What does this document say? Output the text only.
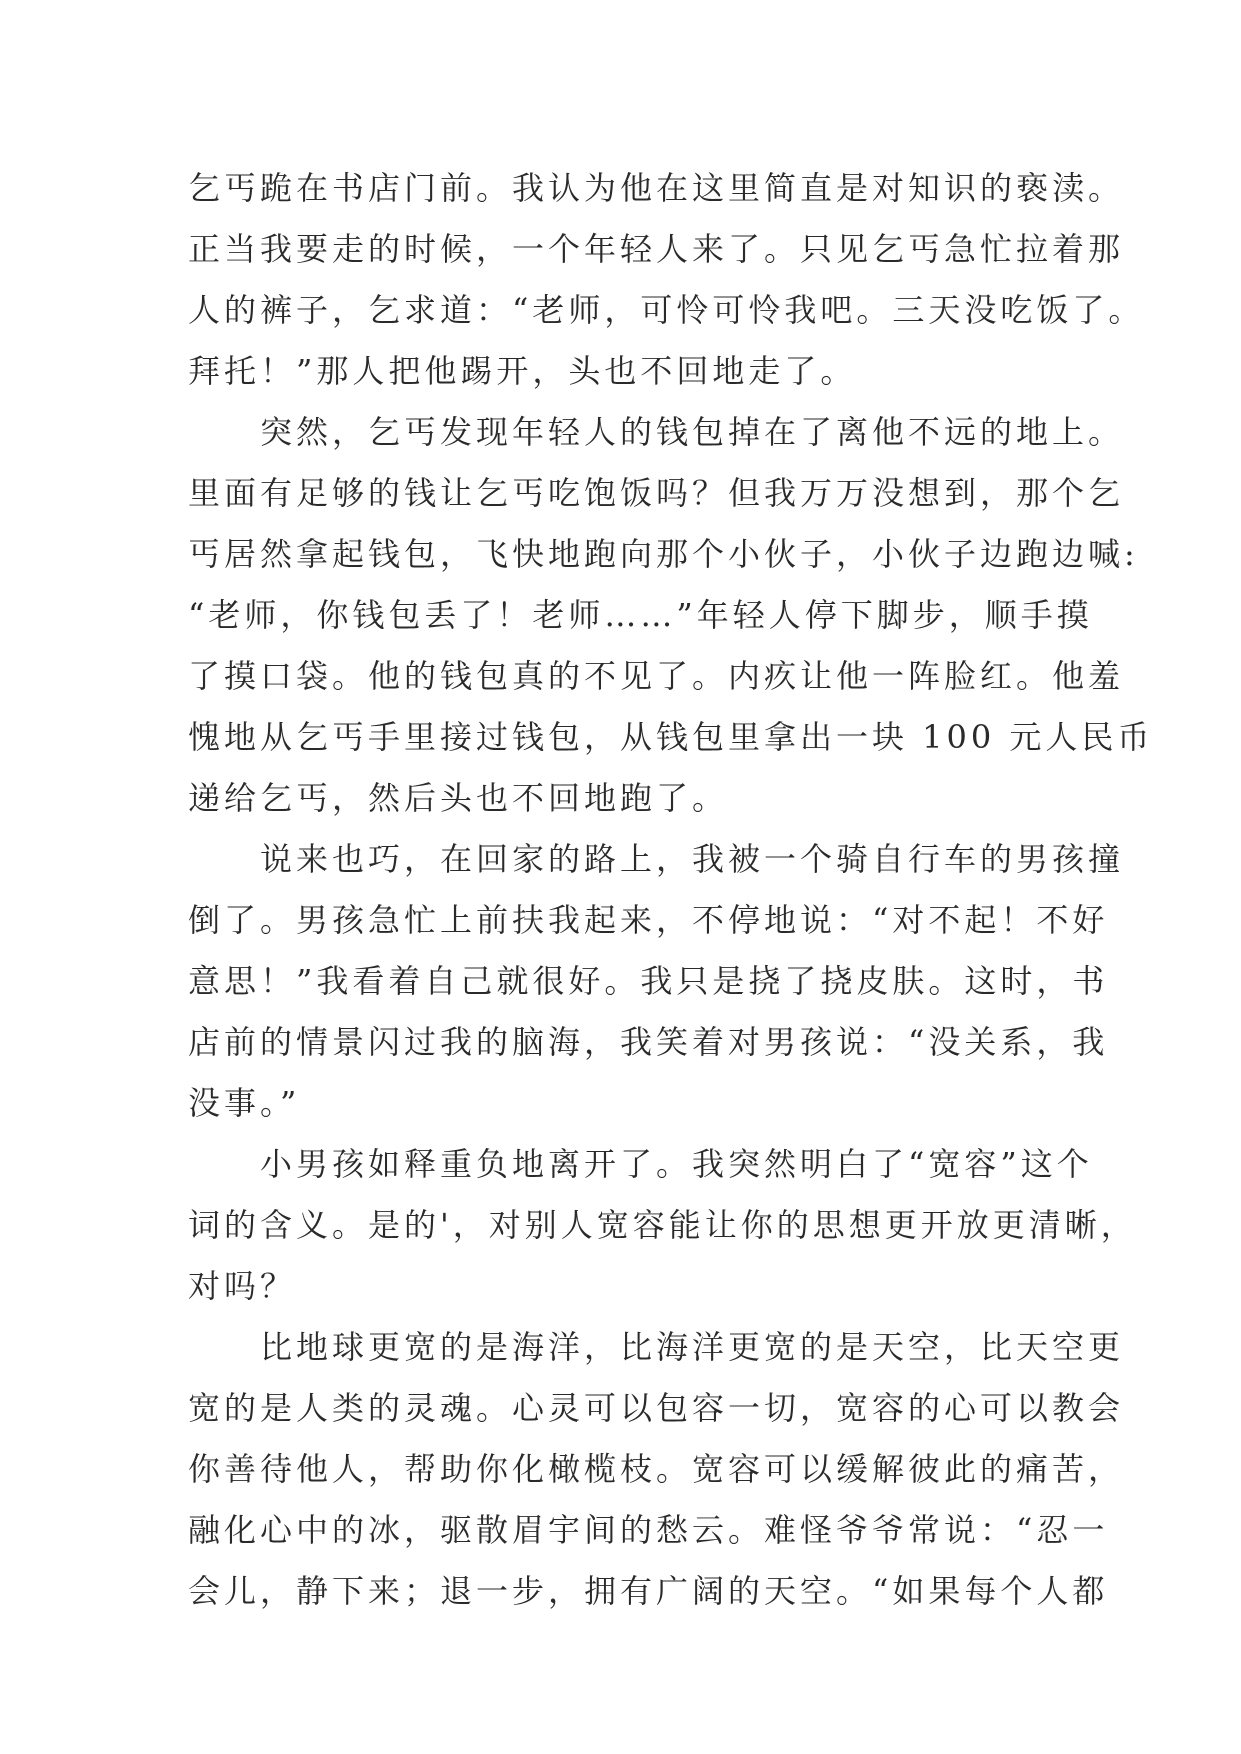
乞丐跪在书店门前。我认为他在这里简直是对知识的亵渎。
正当我要走的时候，一个年轻人来了。只见乞丐急忙拉着那
人的裤子，乞求道：“老师，可怜可怜我吧。三天没吃饭了。
拜托！”那人把他踢开，头也不回地走了。
　　突然，乞丐发现年轻人的钱包掉在了离他不远的地上。
里面有足够的钱让乞丐吃饱饭吗？但我万万没想到，那个乞
丐居然拿起钱包，飞快地跑向那个小伙子，小伙子边跑边喊:
“老师，你钱包丢了！老师……”年轻人停下脚步，顺手摸
了摸口袋。他的钱包真的不见了。内疚让他一阵脸红。他羞
愧地从乞丐手里接过钱包，从钱包里拿出一块 100 元人民币
递给乞丐，然后头也不回地跑了。
　　说来也巧，在回家的路上，我被一个骑自行车的男孩撞
倒了。男孩急忙上前扶我起来，不停地说：“对不起！不好
意思！”我看着自己就很好。我只是挠了挠皮肤。这时，书
店前的情景闪过我的脑海，我笑着对男孩说：“没关系，我
没事。”
　　小男孩如释重负地离开了。我突然明白了“宽容”这个
词的含义。是的'，对别人宽容能让你的思想更开放更清晰，
对吗？
　　比地球更宽的是海洋，比海洋更宽的是天空，比天空更
宽的是人类的灵魂。心灵可以包容一切，宽容的心可以教会
你善待他人，帮助你化橄榄枝。宽容可以缓解彼此的痛苦，
融化心中的冰，驱散眉宇间的愁云。难怪爷爷常说：“忍一
会儿，静下来；退一步，拥有广阔的天空。“如果每个人都
